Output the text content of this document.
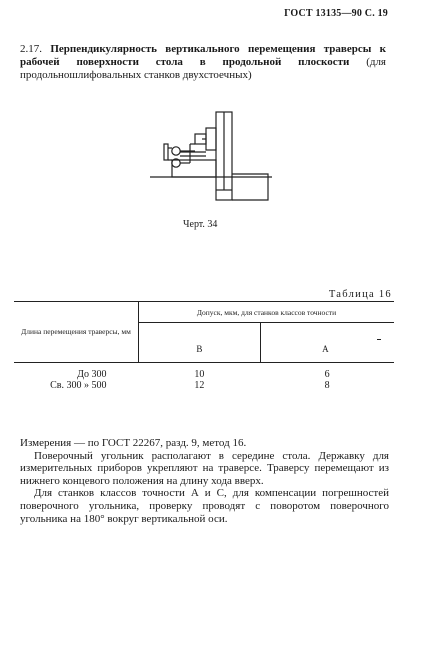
ГОСТ 13135—90 С. 19
2.17. Перпендикулярность вертикального перемещения траверсы к рабочей поверхности стола в продольной плоскости (для продольношлифовальных станков двухстоечных)
Черт. 34
Таблица 16
Длина перемещения траверсы, мм	Допуск, мкм, для станков классов точности	
	В	А
До 300	10	6
Св. 300 » 500	12	8

Измерения — по ГОСТ 22267, разд. 9, метод 16.

Поверочный угольник располагают в середине стола. Державку для измерительных приборов укрепляют на траверсе. Траверсу перемещают из нижнего концевого положения на длину хода вверх.

Для станков классов точности А и С, для компенсации погрешностей поверочного угольника, проверку проводят с поворотом поверочного угольника на 180° вокруг вертикальной оси.
